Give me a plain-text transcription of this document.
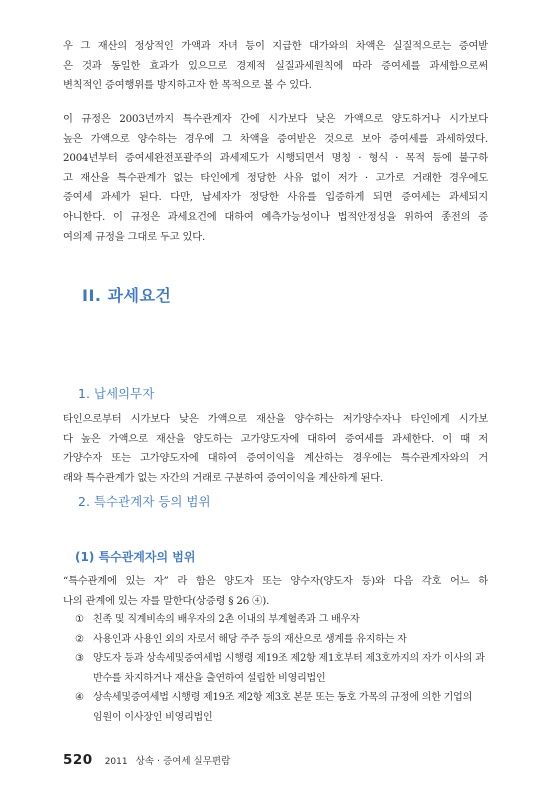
우 그 재산의 정상적인 가액과 자녀 등이 지급한 대가와의 차액은 실질적으로는 증여받
은 것과 동일한 효과가 있으므로 경제적 실질과세원칙에 따라 증여세를 과세함으로써
변칙적인 증여행위를 방지하고자 한 목적으로 볼 수 있다.

이 규정은 2003년까지 특수관계자 간에 시가보다 낮은 가액으로 양도하거나 시가보다
높은 가액으로 양수하는 경우에 그 차액을 증여받은 것으로 보아 증여세를 과세하였다.
2004년부터 증여세완전포괄주의 과세제도가 시행되면서 명칭 · 형식 · 목적 등에 불구하
고 재산을 특수관계가 없는 타인에게 정당한 사유 없이 저가 · 고가로 거래한 경우에도
증여세 과세가 된다. 다만, 납세자가 정당한 사유를 입증하게 되면 증여세는 과세되지
아니한다. 이 규정은 과세요건에 대하여 예측가능성이나 법적안정성을 위하여 종전의 증
여의제 규정을 그대로 두고 있다.

II. 과세요건
1. 납세의무자

타인으로부터 시가보다 낮은 가액으로 재산을 양수하는 저가양수자나 타인에게 시가보
다 높은 가액으로 재산을 양도하는 고가양도자에 대하여 증여세를 과세한다. 이 때 저
가양수자 또는 고가양도자에 대하여 증여이익을 계산하는 경우에는 특수관계자와의 거
래와 특수관계가 없는 자간의 거래로 구분하여 증여이익을 계산하게 된다.

2. 특수관계자 등의 범위
(1) 특수관계자의 범위

“특수관계에 있는 자” 라 함은 양도자 또는 양수자(양도자 등)와 다음 각호 어느 하
나의 관계에 있는 자를 말한다(상증령 § 26 ④).

① 친족 및 직계비속의 배우자의 2촌 이내의 부계혈족과 그 배우자
② 사용인과 사용인 외의 자로서 해당 주주 등의 재산으로 생계를 유지하는 자
③ 양도자 등과 상속세및증여세법 시행령 제19조 제2항 제1호부터 제3호까지의 자가 이사의 과
반수를 차지하거나 재산을 출연하여 설립한 비영리법인
④ 상속세및증여세법 시행령 제19조 제2항 제3호 본문 또는 동호 가목의 규정에 의한 기업의
임원이 이사장인 비영리법인
520 2011 상속 · 증여세 실무편람
